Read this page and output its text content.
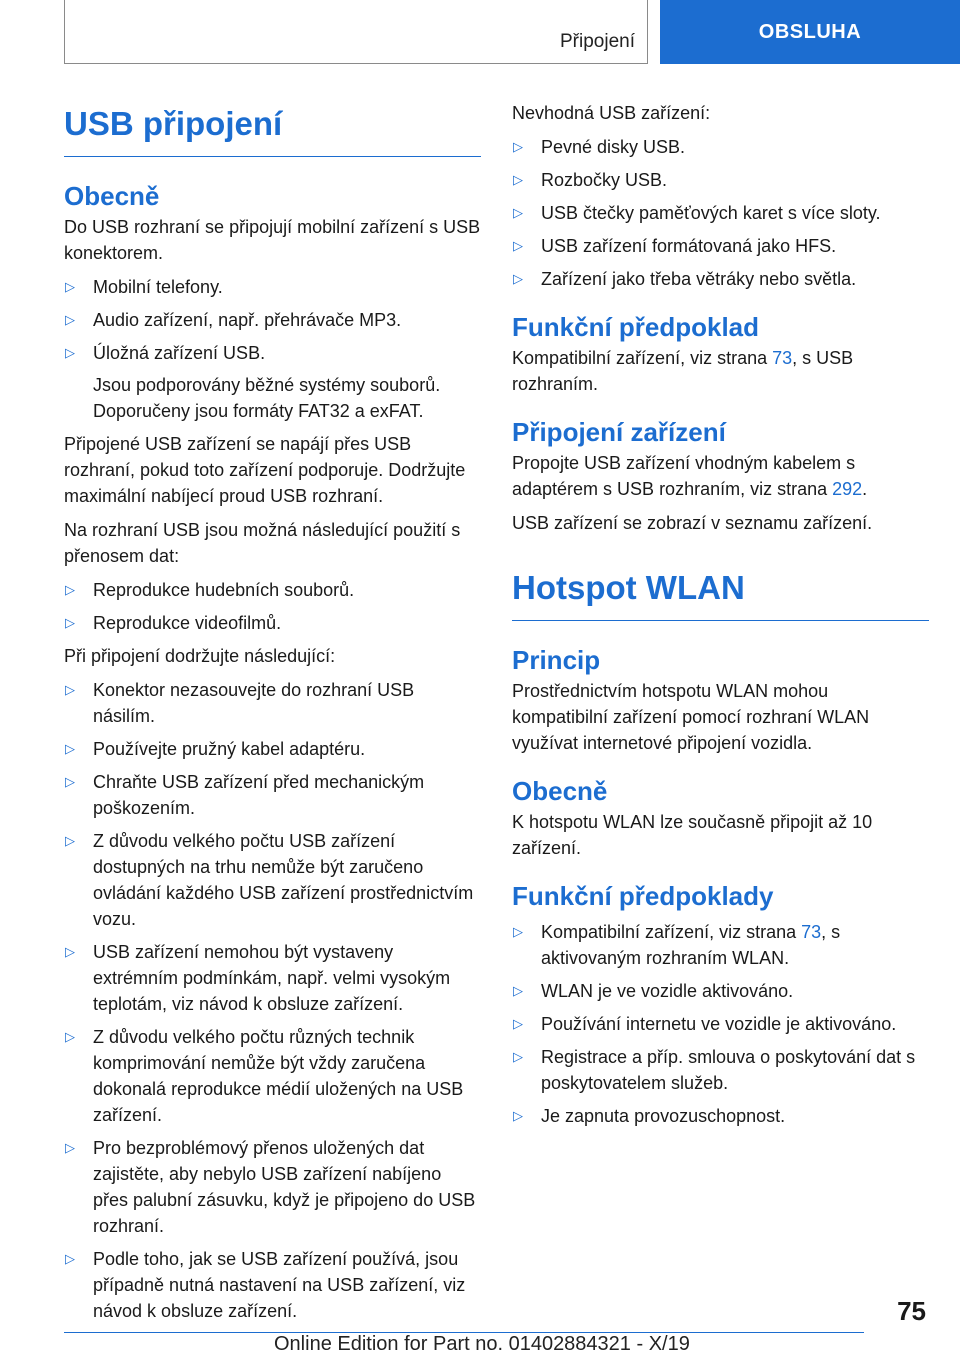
Připojení	OBSLUHA
USB připojení
Obecně

Do USB rozhraní se připojují mobilní zařízení s USB konektorem.

▷ Mobilní telefony.
▷ Audio zařízení, např. přehrávače MP3.
▷ Úložná zařízení USB.
Jsou podporovány běžné systémy souborů. Doporučeny jsou formáty FAT32 a exFAT.

Připojené USB zařízení se napájí přes USB rozhraní, pokud toto zařízení podporuje. Dodržujte maximální nabíjecí proud USB rozhraní.

Na rozhraní USB jsou možná následující použití s přenosem dat:

▷ Reprodukce hudebních souborů.
▷ Reprodukce videofilmů.

Při připojení dodržujte následující:

▷ Konektor nezasouvejte do rozhraní USB násilím.
▷ Používejte pružný kabel adaptéru.
▷ Chraňte USB zařízení před mechanickým poškozením.
▷ Z důvodu velkého počtu USB zařízení dostupných na trhu nemůže být zaručeno ovládání každého USB zařízení prostřednictvím vozu.
▷ USB zařízení nemohou být vystaveny extrémním podmínkám, např. velmi vysokým teplotám, viz návod k obsluze zařízení.
▷ Z důvodu velkého počtu různých technik komprimování nemůže být vždy zaručena dokonalá reprodukce médií uložených na USB zařízení.
▷ Pro bezproblémový přenos uložených dat zajistěte, aby nebylo USB zařízení nabíjeno přes palubní zásuvku, když je připojeno do USB rozhraní.
▷ Podle toho, jak se USB zařízení používá, jsou případně nutná nastavení na USB zařízení, viz návod k obsluze zařízení.

Nevhodná USB zařízení:

▷ Pevné disky USB.
▷ Rozbočky USB.
▷ USB čtečky paměťových karet s více sloty.
▷ USB zařízení formátovaná jako HFS.
▷ Zařízení jako třeba větráky nebo světla.
Funkční předpoklad

Kompatibilní zařízení, viz strana 73, s USB rozhraním.

Připojení zařízení

Propojte USB zařízení vhodným kabelem s adaptérem s USB rozhraním, viz strana 292.

USB zařízení se zobrazí v seznamu zařízení.

Hotspot WLAN
Princip

Prostřednictvím hotspotu WLAN mohou kompatibilní zařízení pomocí rozhraní WLAN využívat internetové připojení vozidla.

Obecně

K hotspotu WLAN lze současně připojit až 10 zařízení.

Funkční předpoklady
▷ Kompatibilní zařízení, viz strana 73, s aktivovaným rozhraním WLAN.
▷ WLAN je ve vozidle aktivováno.
▷ Používání internetu ve vozidle je aktivováno.
▷ Registrace a příp. smlouva o poskytování dat s poskytovatelem služeb.
▷ Je zapnuta provozuschopnost.
75
Online Edition for Part no. 01402884321 - X/19
